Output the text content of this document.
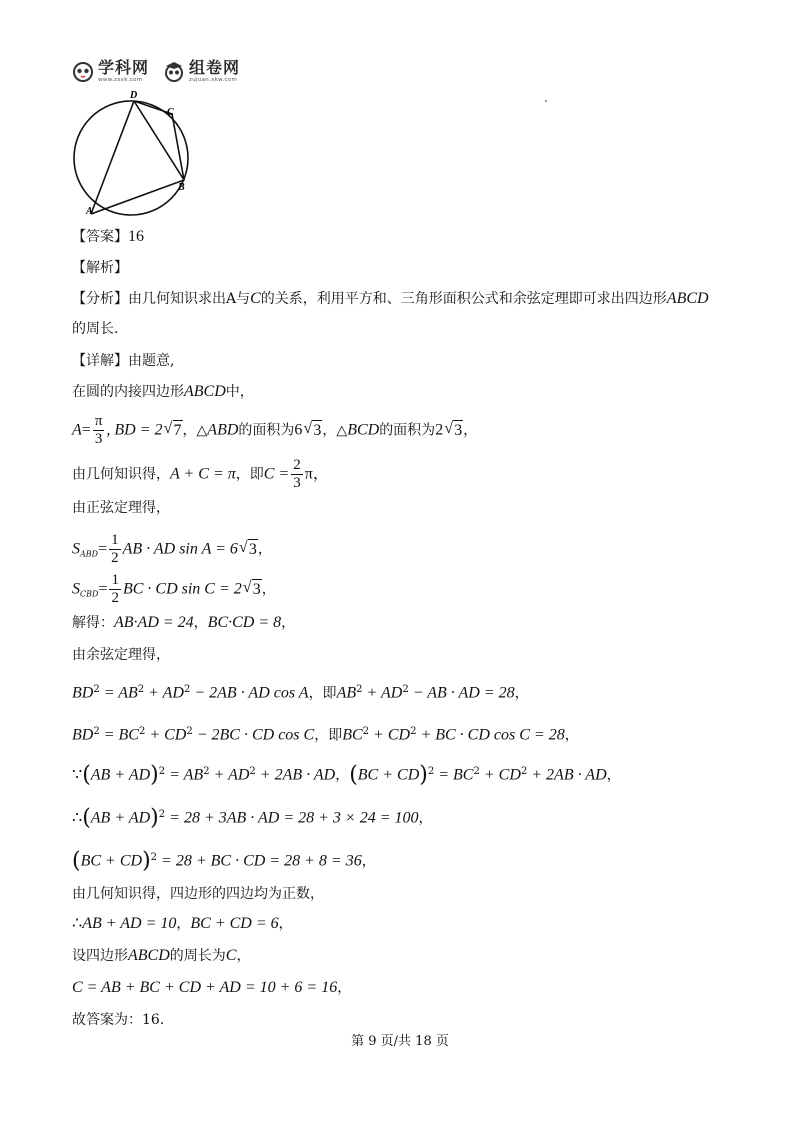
学科网
www.zxxk.com
组卷网
zujuan.xkw.com
D
C
B
A
【答案】16
【解析】
【分析】由几何知识求出A与C的关系，利用平方和、三角形面积公式和余弦定理即可求出四边形ABCD
的周长.
【详解】由题意,
在圆的内接四边形ABCD中，
$A= \frac{\pi}{3}$ , BD = 2 √ 7，△ABD的面积为6 √ 3，△BCD的面积为2 √ 3，
由几何知识得，A + C = π，即$C = \frac{2}{3}$ π，
由正弦定理得，
$S_{ABD}= \frac{1}{2}$ AB · AD sin A = 6 √ 3，
$S_{CBD}= \frac{1}{2}$ BC · CD sin C = 2 √ 3，
解得：AB·AD = 24，BC·CD = 8，
由余弦定理得，
$BD^2 = AB^2 + AD^2 - 2AB$ · AD cos A，即$AB^2 + AD^2$ − AB · AD = 28，
$BD^2 = BC^2 + CD^2 - 2BC$ · CD cos C，即$BC^2 + CD^2$ + BC · CD cos C = 28，
∵(AB + $AD)^2 = AB^2 + AD^2 + 2AB$ · AD，$(BC + CD)^2 = BC^2 + CD^2 + 2AB$ · AD，
∴(AB + AD)$^2$ = 28 + 3AB · AD = 28 + 3 × 24 = 100，
(BC + CD)$^2$ = 28 + BC · CD = 28 + 8 = 36，
由几何知识得，四边形的四边均为正数，
∴AB + AD = 10，BC + CD = 6，
设四边形ABCD的周长为C，
C = AB + BC + CD + AD = 10 + 6 = 16，
故答案为：16.
第 9 页/共 18 页
